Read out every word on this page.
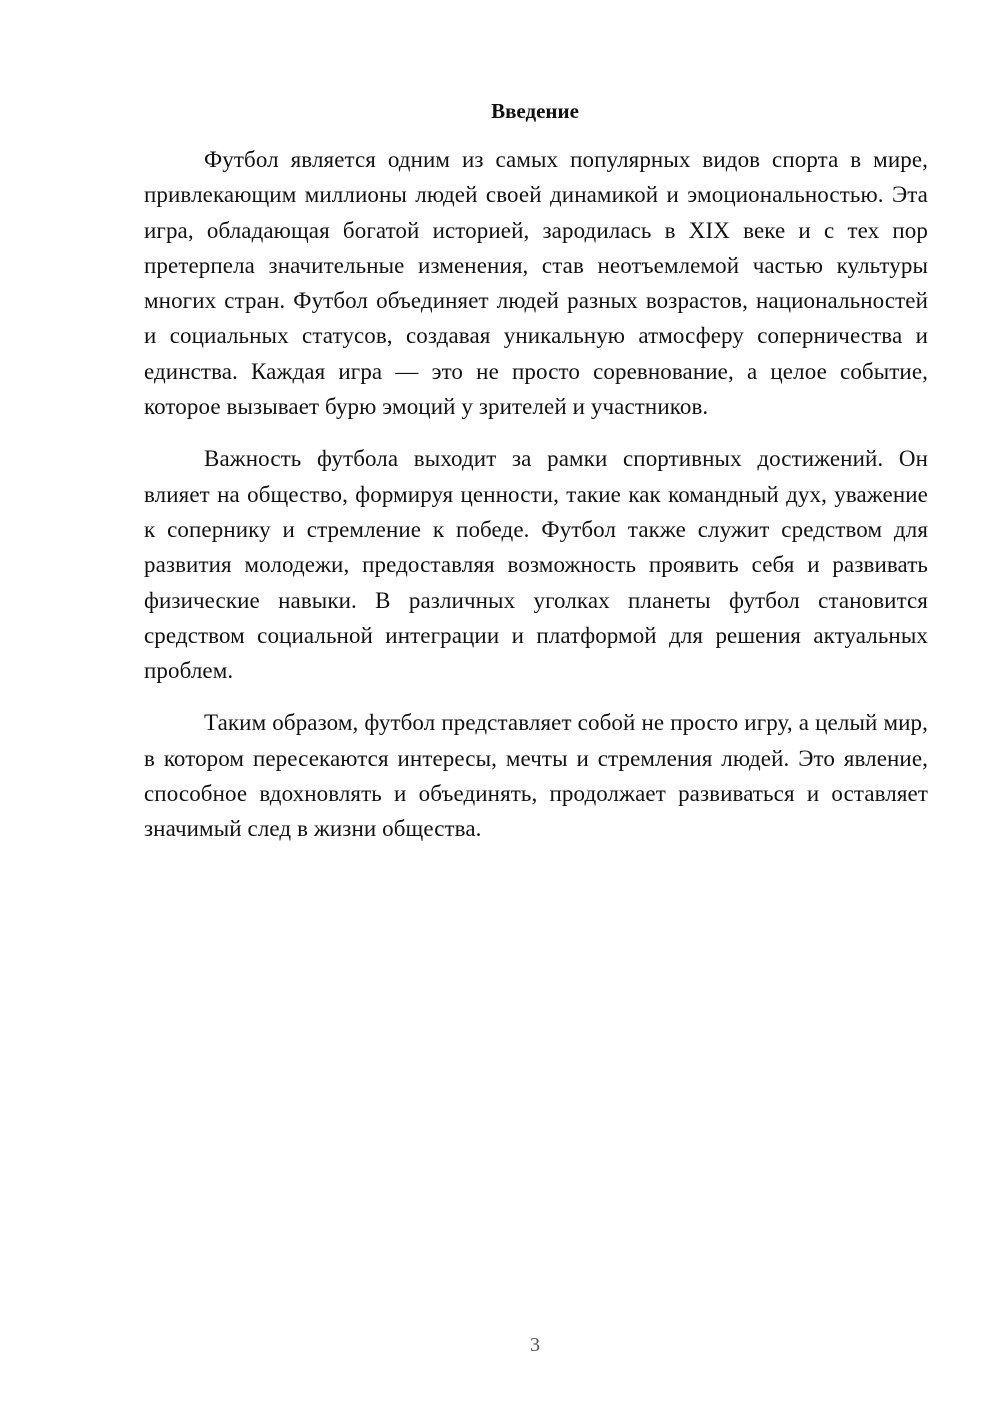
Введение

Футбол является одним из самых популярных видов спорта в мире, привлекающим миллионы людей своей динамикой и эмоциональностью. Эта игра, обладающая богатой историей, зародилась в XIX веке и с тех пор претерпела значительные изменения, став неотъемлемой частью культуры многих стран. Футбол объединяет людей разных возрастов, национальностей и социальных статусов, создавая уникальную атмосферу соперничества и единства. Каждая игра — это не просто соревнование, а целое событие, которое вызывает бурю эмоций у зрителей и участников.

Важность футбола выходит за рамки спортивных достижений. Он влияет на общество, формируя ценности, такие как командный дух, уважение к сопернику и стремление к победе. Футбол также служит средством для развития молодежи, предоставляя возможность проявить себя и развивать физические навыки. В различных уголках планеты футбол становится средством социальной интеграции и платформой для решения актуальных проблем.

Таким образом, футбол представляет собой не просто игру, а целый мир, в котором пересекаются интересы, мечты и стремления людей. Это явление, способное вдохновлять и объединять, продолжает развиваться и оставляет значимый след в жизни общества.

3
